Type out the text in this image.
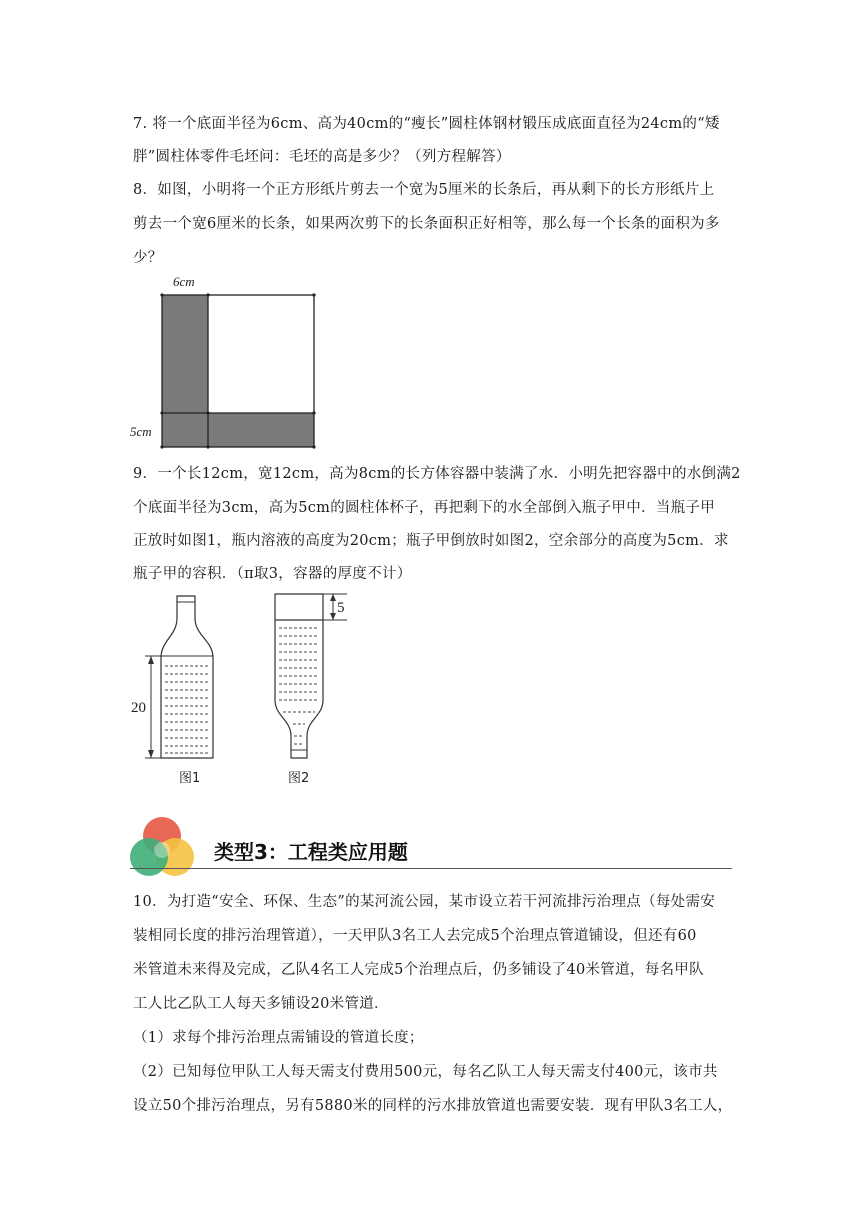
7. 将一个底面半径为6cm、高为40cm的“瘦长”圆柱体钢材锻压成底面直径为24cm的“矮
胖”圆柱体零件毛坯问：毛坯的高是多少？（列方程解答）
8．如图，小明将一个正方形纸片剪去一个宽为5厘米的长条后，再从剩下的长方形纸片上
剪去一个宽6厘米的长条，如果两次剪下的长条面积正好相等，那么每一个长条的面积为多
少？
6cm
5cm
9．一个长12cm，宽12cm，高为8cm的长方体容器中装满了水．小明先把容器中的水倒满2
个底面半径为3cm，高为5cm的圆柱体杯子，再把剩下的水全部倒入瓶子甲中．当瓶子甲
正放时如图1，瓶内溶液的高度为20cm；瓶子甲倒放时如图2，空余部分的高度为5cm．求
瓶子甲的容积．（π取3，容器的厚度不计）
20
图1
5
图2
类型3：工程类应用题
10．为打造“安全、环保、生态”的某河流公园，某市设立若干河流排污治理点（每处需安
装相同长度的排污治理管道），一天甲队3名工人去完成5个治理点管道铺设，但还有60
米管道未来得及完成，乙队4名工人完成5个治理点后，仍多铺设了40米管道，每名甲队
工人比乙队工人每天多铺设20米管道．
（1）求每个排污治理点需铺设的管道长度；
（2）已知每位甲队工人每天需支付费用500元，每名乙队工人每天需支付400元，该市共
设立50个排污治理点，另有5880米的同样的污水排放管道也需要安装．现有甲队3名工人，
